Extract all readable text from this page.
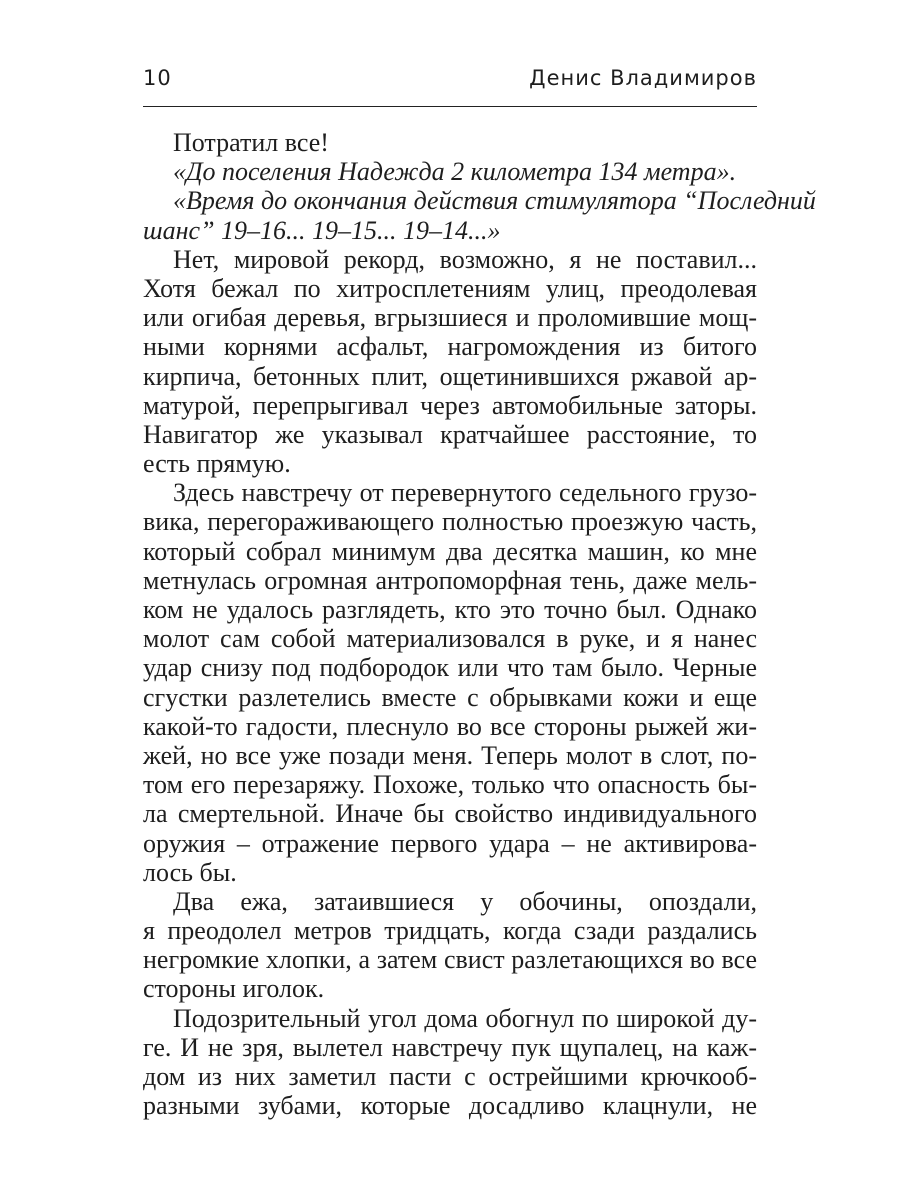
10	Денис Владимиров
Потратил все!
«До поселения Надежда 2 километра 134 метра».
«Время до окончания действия стимулятора “Последний
шанс” 19–16... 19–15... 19–14...»
Нет, мировой рекорд, возможно, я не поставил...
Хотя бежал по хитросплетениям улиц, преодолевая
или огибая деревья, вгрызшиеся и проломившие мощ-
ными корнями асфальт, нагромождения из битого
кирпича, бетонных плит, ощетинившихся ржавой ар-
матурой, перепрыгивал через автомобильные заторы.
Навигатор же указывал кратчайшее расстояние, то
есть прямую.
Здесь навстречу от перевернутого седельного грузо-
вика, перегораживающего полностью проезжую часть,
который собрал минимум два десятка машин, ко мне
метнулась огромная антропоморфная тень, даже мель-
ком не удалось разглядеть, кто это точно был. Однако
молот сам собой материализовался в руке, и я нанес
удар снизу под подбородок или что там было. Черные
сгустки разлетелись вместе с обрывками кожи и еще
какой-то гадости, плеснуло во все стороны рыжей жи-
жей, но все уже позади меня. Теперь молот в слот, по-
том его перезаряжу. Похоже, только что опасность бы-
ла смертельной. Иначе бы свойство индивидуального
оружия – отражение первого удара – не активирова-
лось бы.
Два ежа, затаившиеся у обочины, опоздали,
я преодолел метров тридцать, когда сзади раздались
негромкие хлопки, а затем свист разлетающихся во все
стороны иголок.
Подозрительный угол дома обогнул по широкой ду-
ге. И не зря, вылетел навстречу пук щупалец, на каж-
дом из них заметил пасти с острейшими крючкооб-
разными зубами, которые досадливо клацнули, не
